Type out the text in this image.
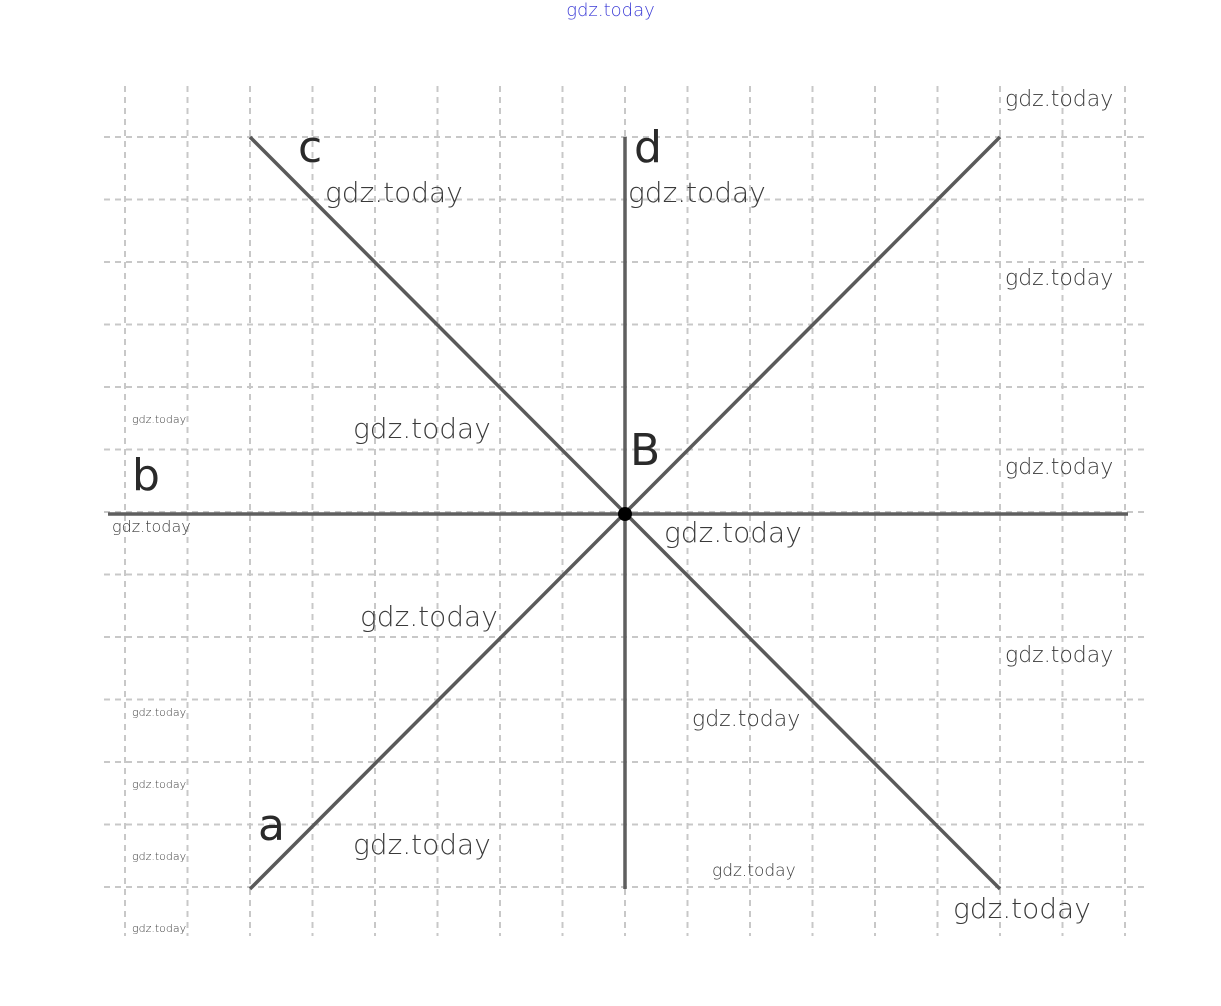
gdz.today
c	d
b
a
B
gdz.today
gdz.today	gdz.today
gdz.today
gdz.today	gdz.today
gdz.today
gdz.today	gdz.today
gdz.today
gdz.today
gdz.today	gdz.today
gdz.today
gdz.today
gdz.today
gdz.today
gdz.today
gdz.today
